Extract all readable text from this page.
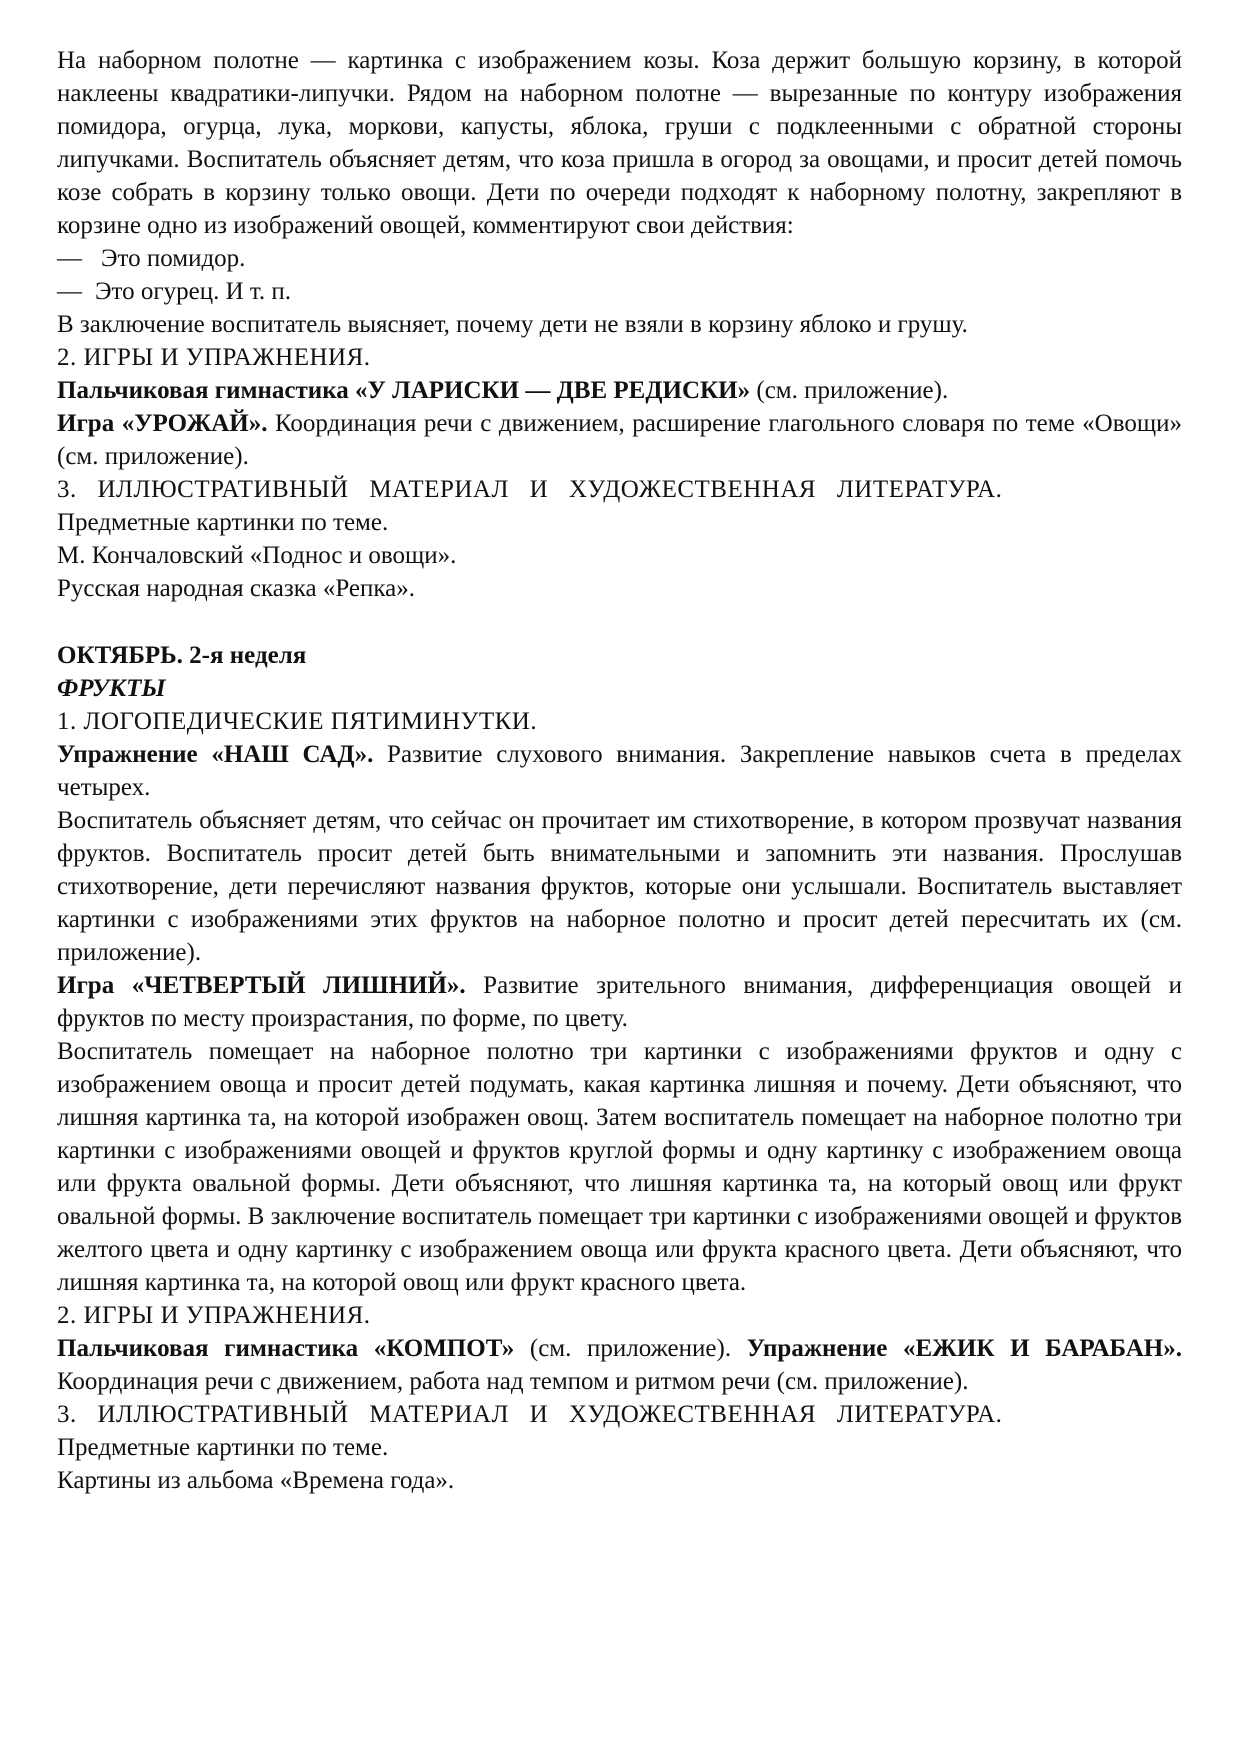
На наборном полотне — картинка с изображением козы. Коза держит большую корзину, в которой наклеены квадратики-липучки. Рядом на наборном полотне — вырезанные по контуру изображения помидора, огурца, лука, моркови, капусты, яблока, груши с подклеенными с обратной стороны липучками. Воспитатель объясняет детям, что коза пришла в огород за овощами, и просит детей помочь козе собрать в корзину только овощи. Дети по очереди подходят к наборному полотну, закрепляют в корзине одно из изображений овощей, комментируют свои действия:

— Это помидор.

— Это огурец. И т. п.

В заключение воспитатель выясняет, почему дети не взяли в корзину яблоко и грушу.

2. ИГРЫ И УПРАЖНЕНИЯ.

Пальчиковая гимнастика «У ЛАРИСКИ — ДВЕ РЕДИСКИ» (см. приложение).

Игра «УРОЖАЙ». Координация речи с движением, расширение глагольного словаря по теме «Овощи» (см. приложение).

3. ИЛЛЮСТРАТИВНЫЙ МАТЕРИАЛ И ХУДОЖЕСТВЕННАЯ ЛИТЕРАТУРА.

Предметные картинки по теме.

М. Кончаловский «Поднос и овощи».

Русская народная сказка «Репка».

ОКТЯБРЬ. 2-я неделя

ФРУКТЫ

1. ЛОГОПЕДИЧЕСКИЕ ПЯТИМИНУТКИ.

Упражнение «НАШ САД». Развитие слухового внимания. Закрепление навыков счета в пределах четырех.

Воспитатель объясняет детям, что сейчас он прочитает им стихотворение, в котором прозвучат названия фруктов. Воспитатель просит детей быть внимательными и запомнить эти названия. Прослушав стихотворение, дети перечисляют названия фруктов, которые они услышали. Воспитатель выставляет картинки с изображениями этих фруктов на наборное полотно и просит детей пересчитать их (см. приложение).

Игра «ЧЕТВЕРТЫЙ ЛИШНИЙ». Развитие зрительного внимания, дифференциация овощей и фруктов по месту произрастания, по форме, по цвету.

Воспитатель помещает на наборное полотно три картинки с изображениями фруктов и одну с изображением овоща и просит детей подумать, какая картинка лишняя и почему. Дети объясняют, что лишняя картинка та, на которой изображен овощ. Затем воспитатель помещает на наборное полотно три картинки с изображениями овощей и фруктов круглой формы и одну картинку с изображением овоща или фрукта овальной формы. Дети объясняют, что лишняя картинка та, на который овощ или фрукт овальной формы. В заключение воспитатель помещает три картинки с изображениями овощей и фруктов желтого цвета и одну картинку с изображением овоща или фрукта красного цвета. Дети объясняют, что лишняя картинка та, на которой овощ или фрукт красного цвета.

2. ИГРЫ И УПРАЖНЕНИЯ.

Пальчиковая гимнастика «КОМПОТ» (см. приложение). Упражнение «ЕЖИК И БАРАБАН». Координация речи с движением, работа над темпом и ритмом речи (см. приложение).

3. ИЛЛЮСТРАТИВНЫЙ МАТЕРИАЛ И ХУДОЖЕСТВЕННАЯ ЛИТЕРАТУРА.

Предметные картинки по теме.

Картины из альбома «Времена года».
